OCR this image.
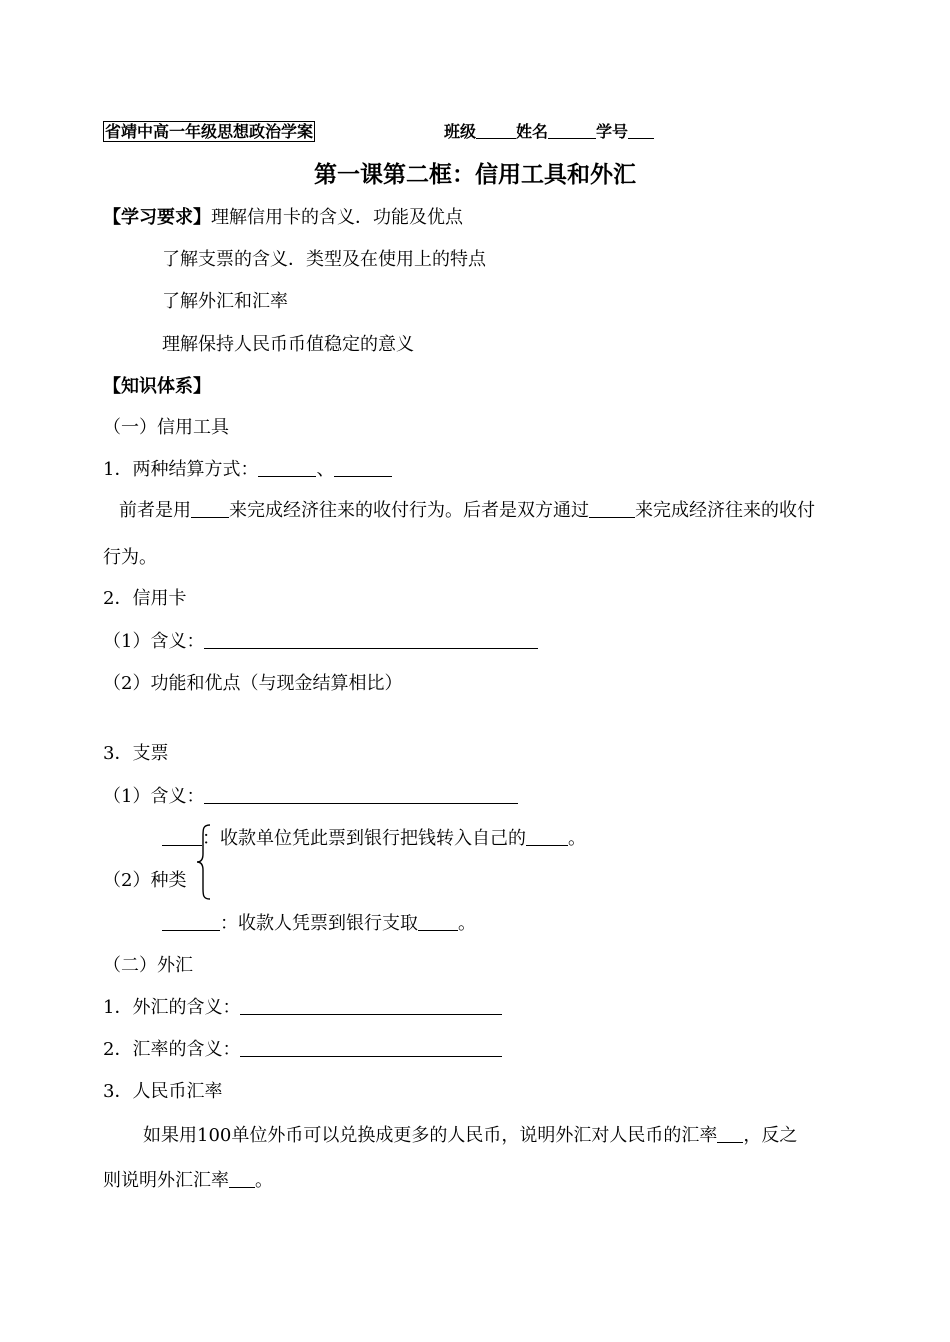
省靖中高一年级思想政治学案	班级	姓名	学号
第一课第二框：信用工具和外汇
【学习要求】理解信用卡的含义．功能及优点
了解支票的含义．类型及在使用上的特点
了解外汇和汇率
理解保持人民币币值稳定的意义
【知识体系】
（一）信用工具
1．两种结算方式：	、
前者是用 来完成经济往来的收付行为。后者是双方通过	来完成经济往来的收付
行为。
2．信用卡
（1）含义：
（2）功能和优点（与现金结算相比）
3．支票
（1）含义：
：收款单位凭此票到银行把钱转入自己的 。
（2）种类
：收款人凭票到银行支取 。
（二）外汇
1．外汇的含义：
2．汇率的含义：
3．人民币汇率
如果用100单位外币可以兑换成更多的人民币，说明外汇对人民币的汇率 ，反之
则说明外汇汇率 。
